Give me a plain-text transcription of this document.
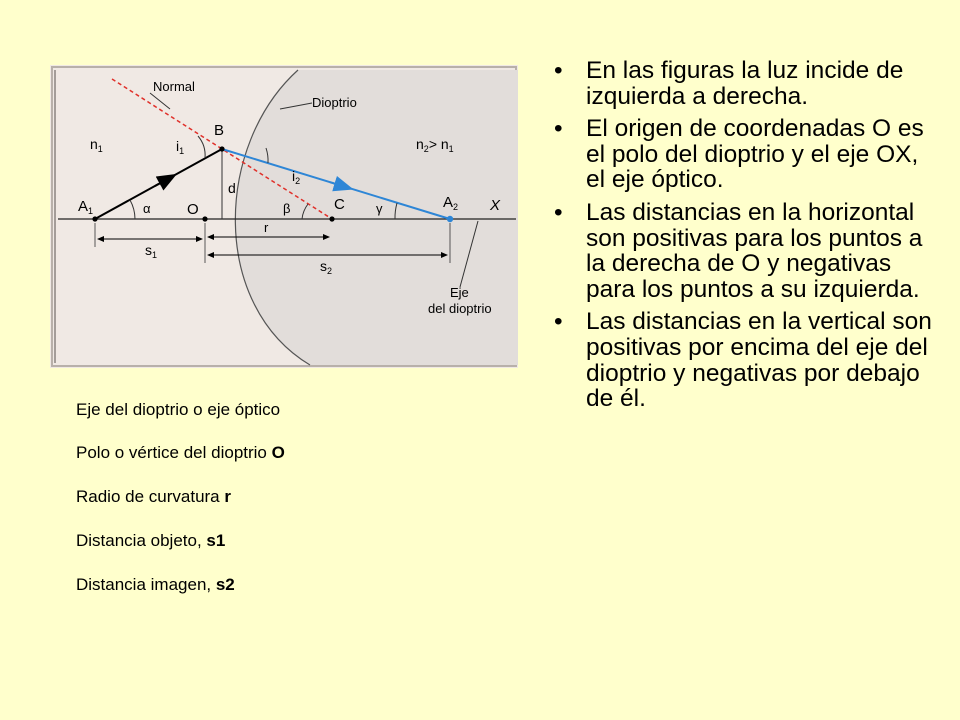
Normal
Dioptrio
$n_1$	$i_1$
B
$n_2> n_1$
$i_2$
d
$A_1$	α O	β	C γ	$A_2$ X
r
$s_1$
$s_2$
Eje
del dioptrio
Eje del dioptrio o eje óptico
Polo o vértice del dioptrio O
Radio de curvatura r
Distancia objeto, s1
Distancia imagen, s2
• En las figuras la luz incide de izquierda a derecha.
• El origen de coordenadas O es el polo del dioptrio y el eje OX, el eje óptico.
• Las distancias en la horizontal son positivas para los puntos a la derecha de O y negativas para los puntos a su izquierda.
• Las distancias en la vertical son positivas por encima del eje del dioptrio y negativas por debajo de él.
